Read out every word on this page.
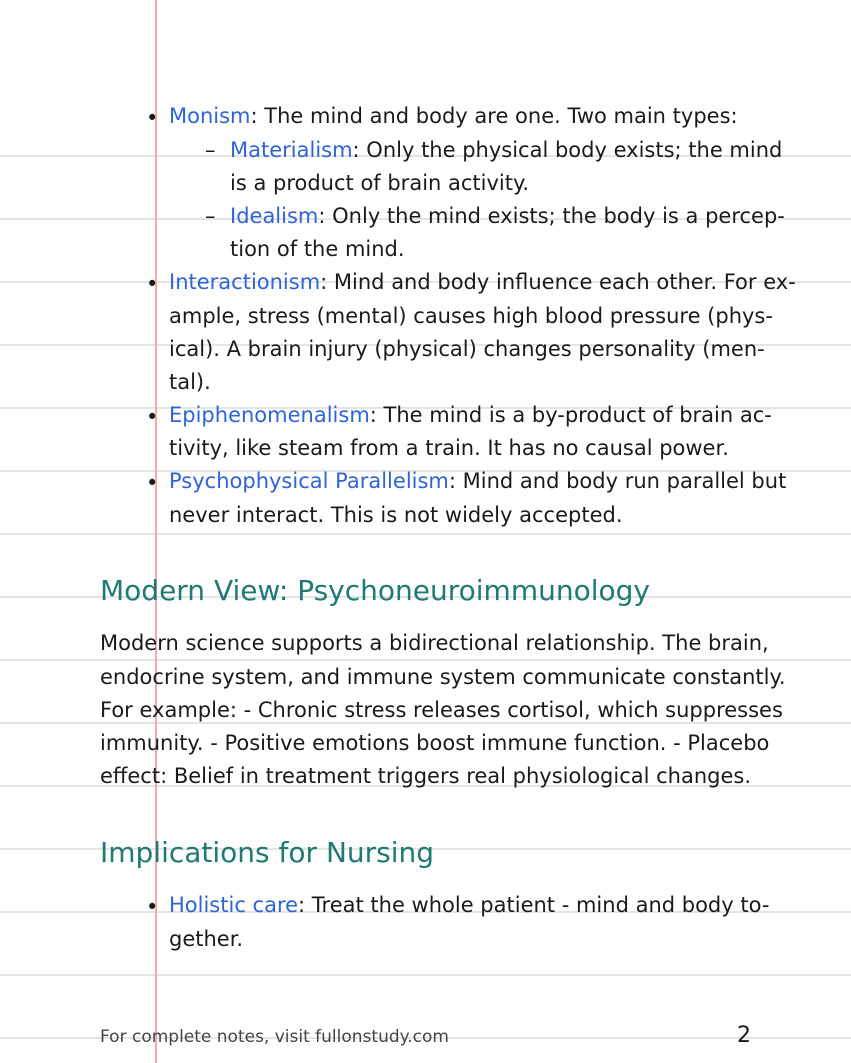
• Monism: The mind and body are one. Two main types:
– Materialism: Only the physical body exists; the mind
is a product of brain activity.
– Idealism: Only the mind exists; the body is a percep-
tion of the mind.
• Interactionism: Mind and body influence each other. For ex-
ample, stress (mental) causes high blood pressure (phys-
ical). A brain injury (physical) changes personality (men-
tal).
• Epiphenomenalism: The mind is a by-product of brain ac-
tivity, like steam from a train. It has no causal power.
• Psychophysical Parallelism: Mind and body run parallel but
never interact. This is not widely accepted.
Modern View: Psychoneuroimmunology
Modern science supports a bidirectional relationship. The brain,
endocrine system, and immune system communicate constantly.
For example: - Chronic stress releases cortisol, which suppresses
immunity. - Positive emotions boost immune function. - Placebo
effect: Belief in treatment triggers real physiological changes.
Implications for Nursing
• Holistic care: Treat the whole patient - mind and body to-
gether.
For complete notes, visit fullonstudy.com	2
